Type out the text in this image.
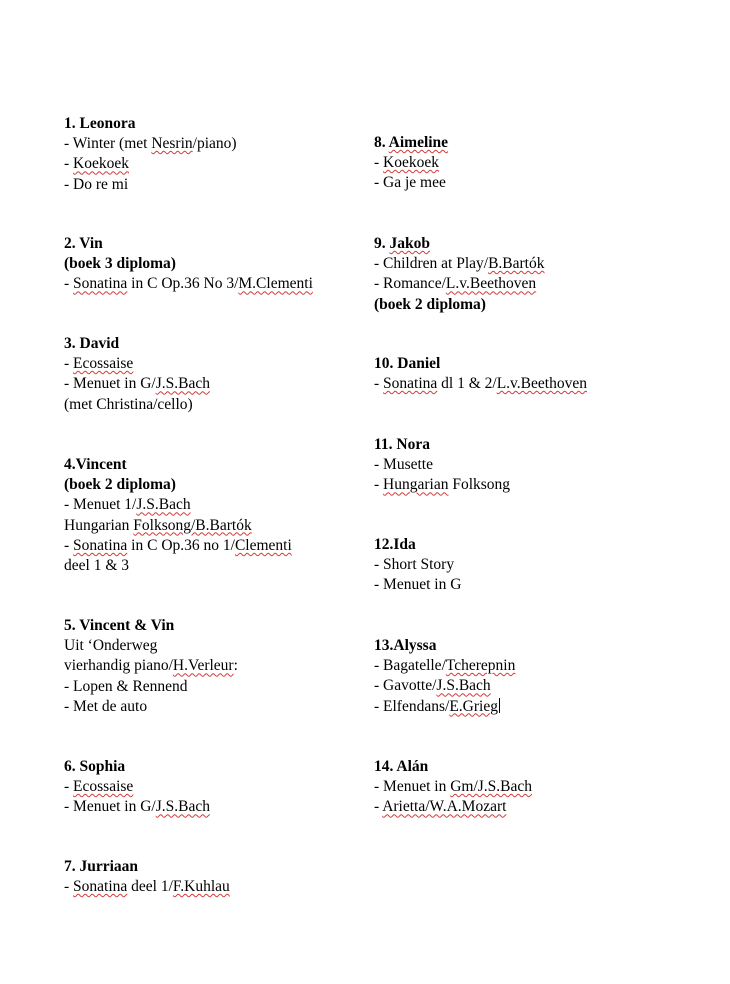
1. Leonora
- Winter (met Nesrin/piano)
- Koekoek
- Do re mi
2. Vin
(boek 3 diploma)
- Sonatina in C Op.36 No 3/M.Clementi
3. David
- Ecossaise
- Menuet in G/J.S.Bach
(met Christina/cello)
4.Vincent
(boek 2 diploma)
- Menuet 1/J.S.Bach
Hungarian Folksong/B.Bartók
- Sonatina in C Op.36 no 1/Clementi
deel 1 & 3
5. Vincent & Vin
Uit ‘Onderweg
vierhandig piano/H.Verleur:
- Lopen & Rennend
- Met de auto
6. Sophia
- Ecossaise
- Menuet in G/J.S.Bach
7. Jurriaan
- Sonatina deel 1/F.Kuhlau
8. Aimeline
- Koekoek
- Ga je mee
9. Jakob
- Children at Play/B.Bartók
- Romance/L.v.Beethoven
(boek 2 diploma)
10. Daniel
- Sonatina dl 1 & 2/L.v.Beethoven
11. Nora
- Musette
- Hungarian Folksong
12.Ida
- Short Story
- Menuet in G
13.Alyssa
- Bagatelle/Tcherepnin
- Gavotte/J.S.Bach
- Elfendans/E.Grieg
14. Alán
- Menuet in Gm/J.S.Bach
- Arietta/W.A.Mozart
